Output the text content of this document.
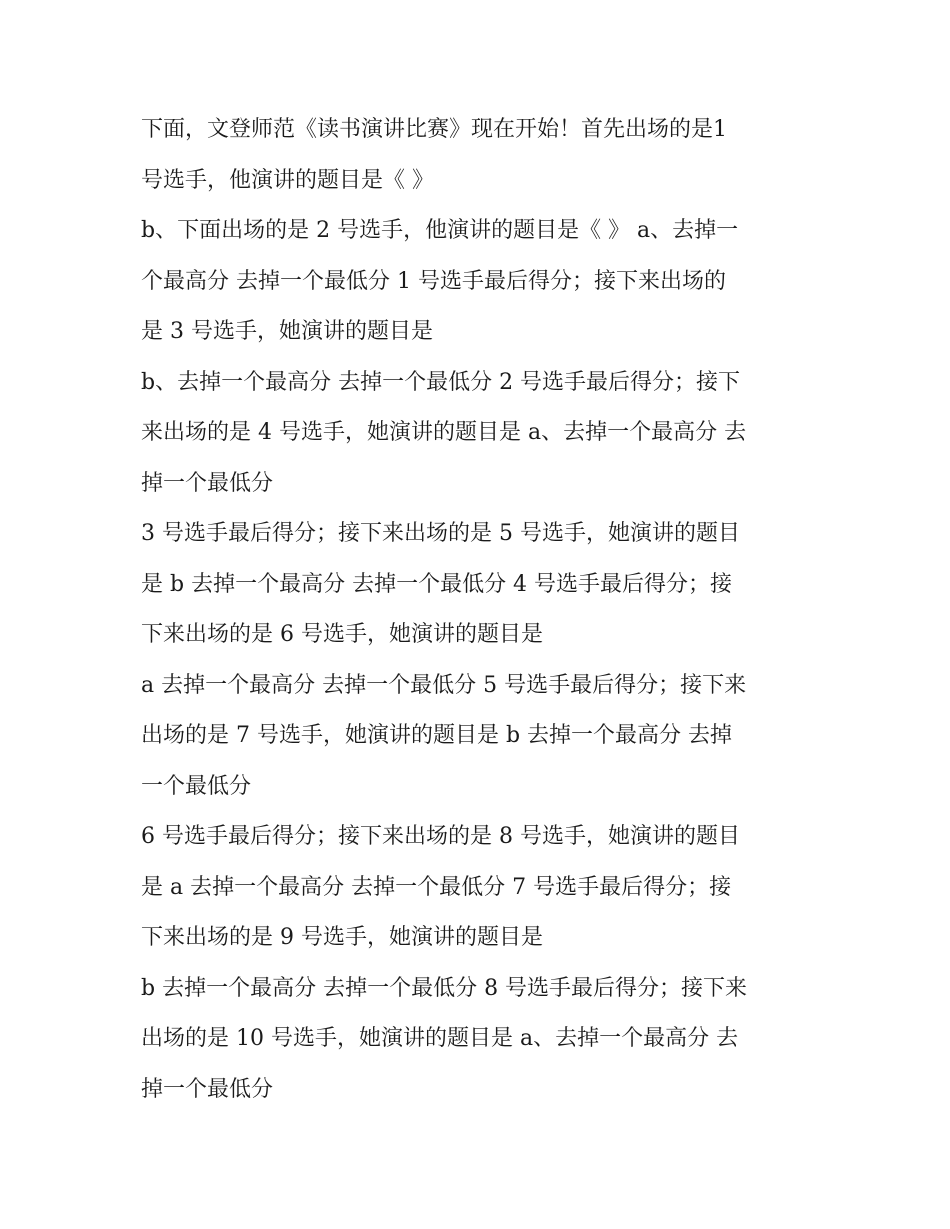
下面，文登师范《读书演讲比赛》现在开始！首先出场的是1

号选手，他演讲的题目是《 》

b、下面出场的是 2 号选手，他演讲的题目是《 》 a、去掉一

个最高分 去掉一个最低分 1 号选手最后得分；接下来出场的

是 3 号选手，她演讲的题目是

b、去掉一个最高分 去掉一个最低分 2 号选手最后得分；接下

来出场的是 4 号选手，她演讲的题目是 a、去掉一个最高分 去

掉一个最低分

3 号选手最后得分；接下来出场的是 5 号选手，她演讲的题目

是 b 去掉一个最高分 去掉一个最低分 4 号选手最后得分；接

下来出场的是 6 号选手，她演讲的题目是

a 去掉一个最高分 去掉一个最低分 5 号选手最后得分；接下来

出场的是 7 号选手，她演讲的题目是 b 去掉一个最高分 去掉

一个最低分

6 号选手最后得分；接下来出场的是 8 号选手，她演讲的题目

是 a 去掉一个最高分 去掉一个最低分 7 号选手最后得分；接

下来出场的是 9 号选手，她演讲的题目是

b 去掉一个最高分 去掉一个最低分 8 号选手最后得分；接下来

出场的是 10 号选手，她演讲的题目是 a、去掉一个最高分 去

掉一个最低分
